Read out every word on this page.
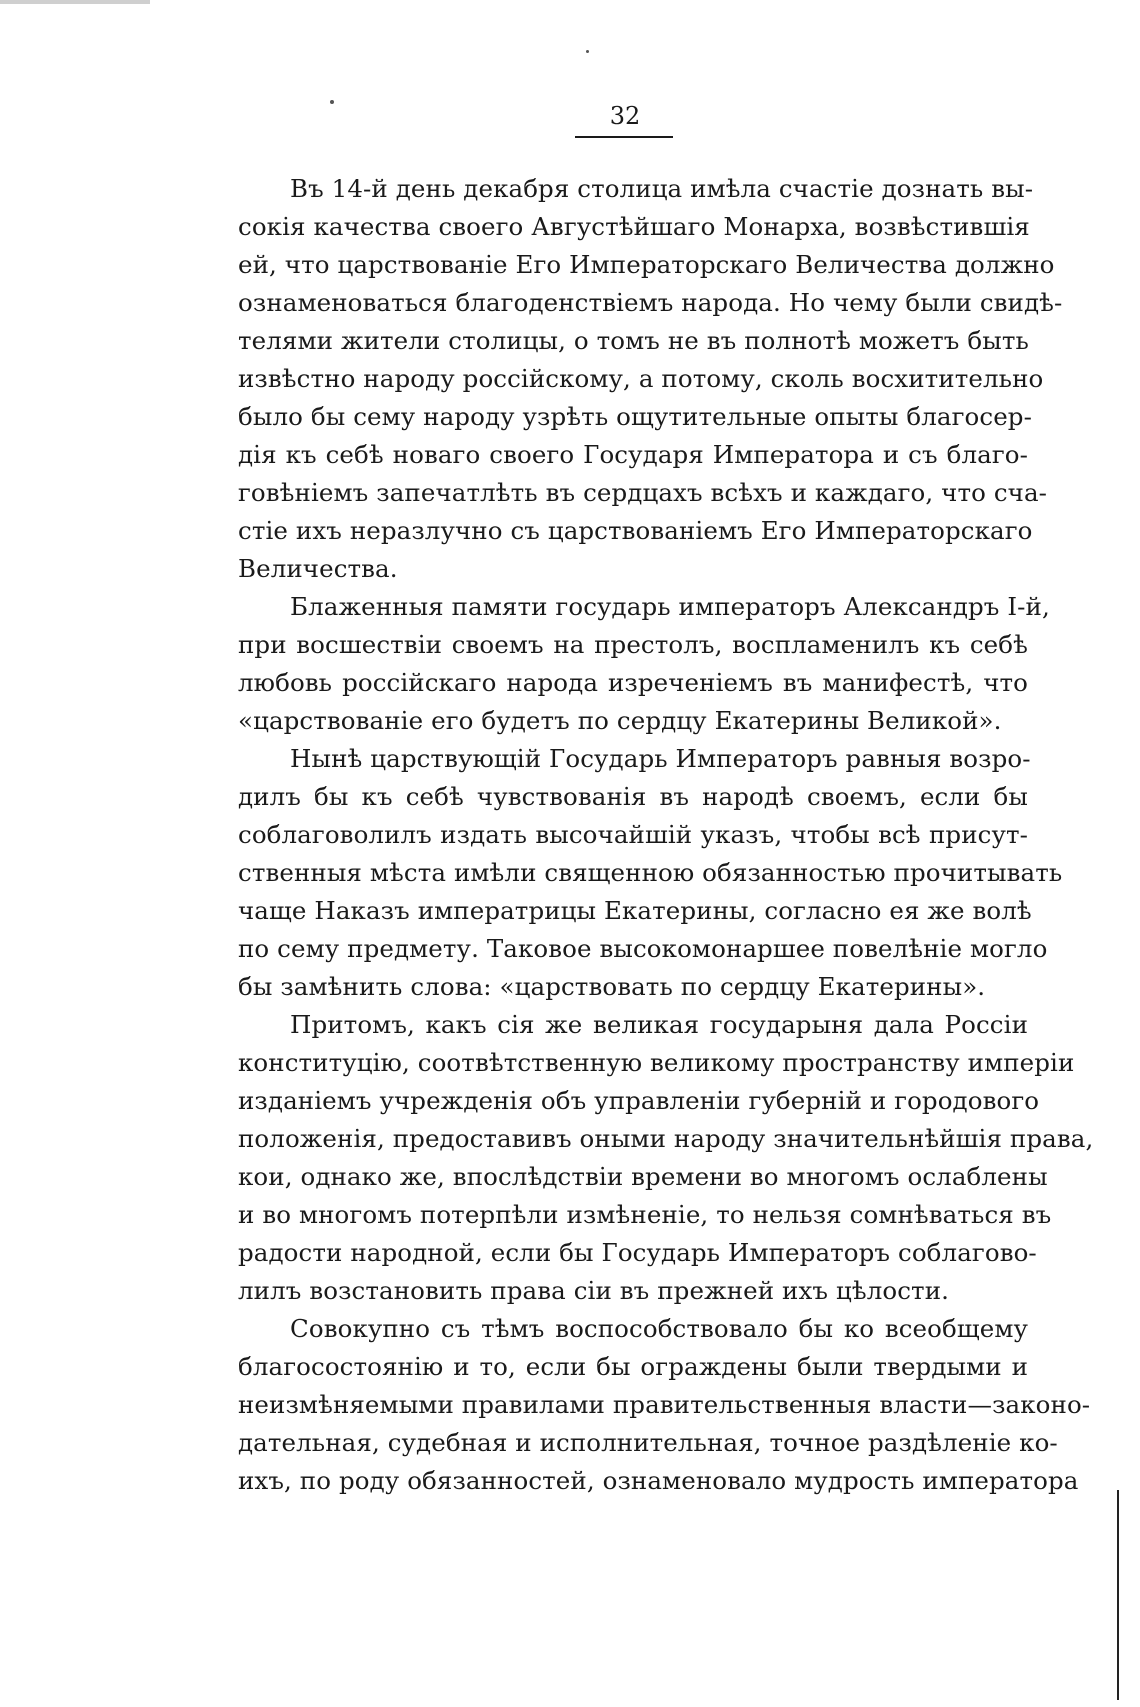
32
Въ 14-й день декабря столица имѣла счастіе дознать вы-
сокія качества своего Августѣйшаго Монарха, возвѣстившія
ей, что царствованіе Его Императорскаго Величества должно
ознаменоваться благоденствіемъ народа. Но чему были свидѣ-
телями жители столицы, о томъ не въ полнотѣ можетъ быть
извѣстно народу россійскому, а потому, сколь восхитительно
было бы сему народу узрѣть ощутительные опыты благосер-
дія къ себѣ новаго своего Государя Императора и съ благо-
говѣніемъ запечатлѣть въ сердцахъ всѣхъ и каждаго, что сча-
стіе ихъ неразлучно съ царствованіемъ Его Императорскаго
Величества.
Блаженныя памяти государь императоръ Александръ I-й,
при восшествіи своемъ на престолъ, воспламенилъ къ себѣ
любовь россійскаго народа изреченіемъ въ манифестѣ, что
«царствованіе его будетъ по сердцу Екатерины Великой».
Нынѣ царствующій Государь Императоръ равныя возро-
дилъ бы къ себѣ чувствованія въ народѣ своемъ, если бы
соблаговолилъ издать высочайшій указъ, чтобы всѣ присут-
ственныя мѣста имѣли священною обязанностью прочитывать
чаще Наказъ императрицы Екатерины, согласно ея же волѣ
по сему предмету. Таковое высокомонаршее повелѣніе могло
бы замѣнить слова: «царствовать по сердцу Екатерины».
Притомъ, какъ сія же великая государыня дала Россіи
конституцію, соотвѣтственную великому пространству имперіи
изданіемъ учрежденія объ управленіи губерній и городового
положенія, предоставивъ оными народу значительнѣйшія права,
кои, однако же, впослѣдствіи времени во многомъ ослаблены
и во многомъ потерпѣли измѣненіе, то нельзя сомнѣваться въ
радости народной, если бы Государь Императоръ соблагово-
лилъ возстановить права сіи въ прежней ихъ цѣлости.
Совокупно съ тѣмъ воспособствовало бы ко всеобщему
благосостоянію и то, если бы ограждены были твердыми и
неизмѣняемыми правилами правительственныя власти—законо-
дательная, судебная и исполнительная, точное раздѣленіе ко-
ихъ, по роду обязанностей, ознаменовало мудрость императора
